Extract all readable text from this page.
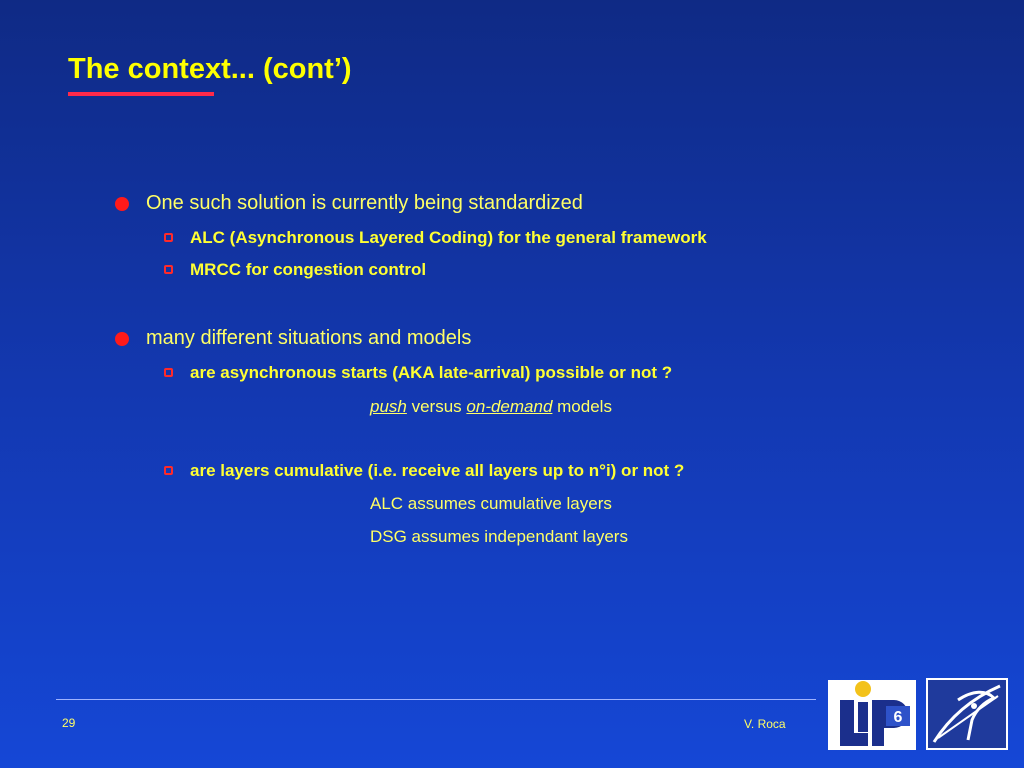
The context... (cont’)
One such solution is currently being standardized
ALC (Asynchronous Layered Coding) for the general framework
MRCC for congestion control
many different situations and models
are asynchronous starts (AKA late-arrival) possible or not ?
push versus on-demand models
are layers cumulative (i.e. receive all layers up to n°i) or not ?
ALC assumes cumulative layers
DSG assumes independant layers
29	V. Roca	6
